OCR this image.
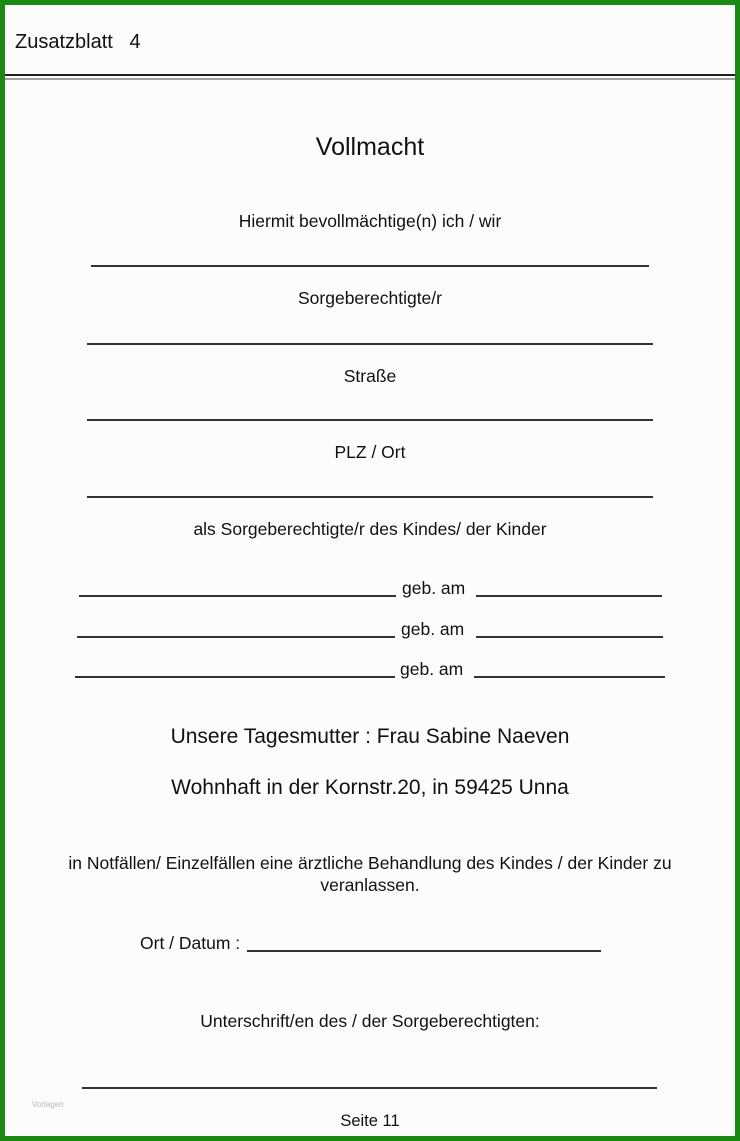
Zusatzblatt   4
Vollmacht
Hiermit bevollmächtige(n) ich / wir
Sorgeberechtigte/r
Straße
PLZ / Ort
als Sorgeberechtigte/r des Kindes/ der Kinder
geb. am
geb. am
geb. am
Unsere Tagesmutter : Frau Sabine Naeven
Wohnhaft in der Kornstr.20, in 59425 Unna
in Notfällen/ Einzelfällen eine ärztliche Behandlung des Kindes / der Kinder zu
veranlassen.
Ort / Datum :
Unterschrift/en des / der Sorgeberechtigten:
Vorlagen
Seite 11
